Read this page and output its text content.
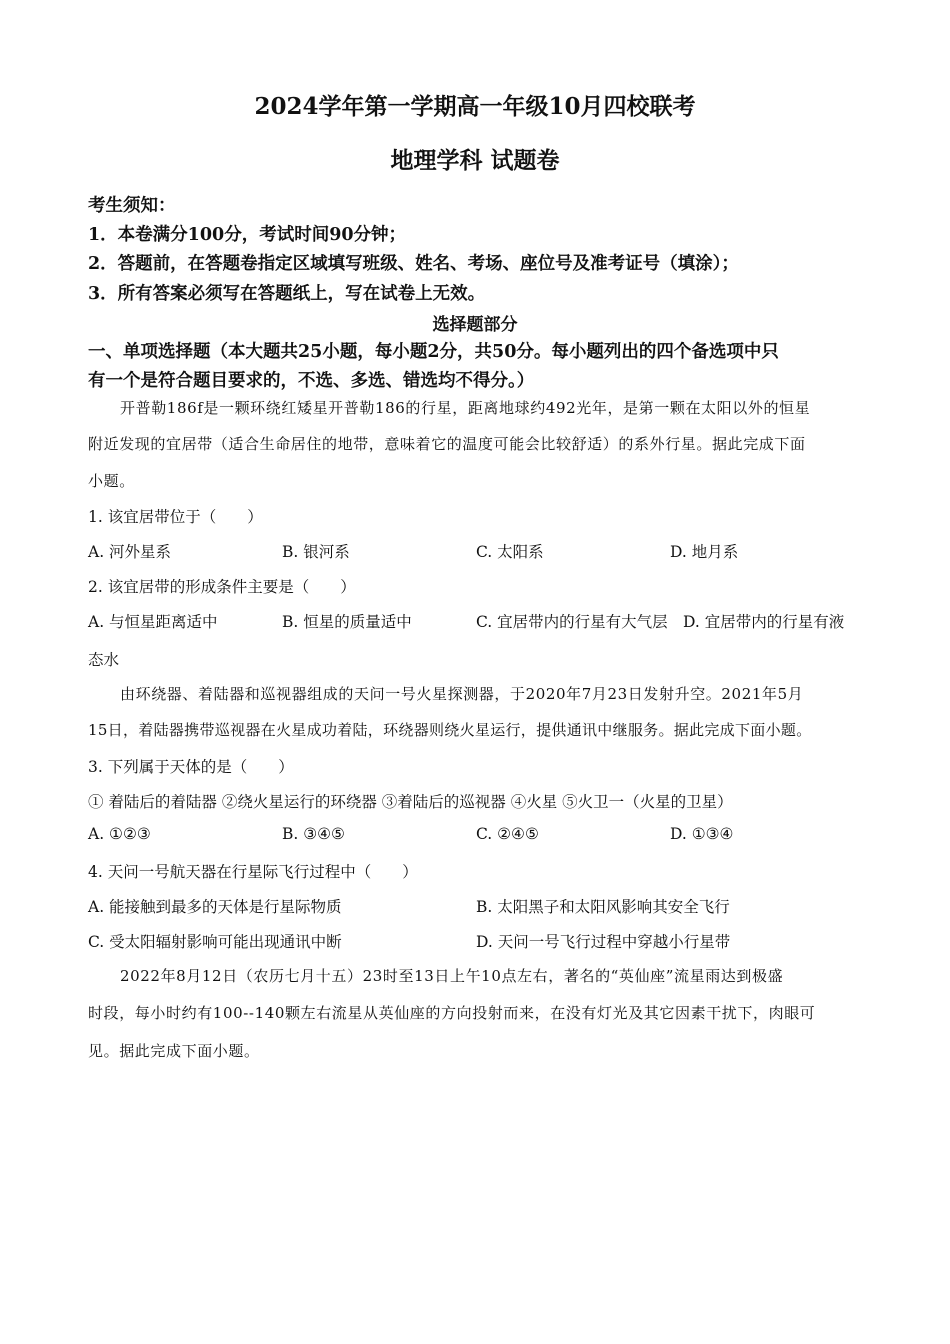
2024学年第一学期高一年级10月四校联考
地理学科 试题卷
考生须知：
1．本卷满分100分，考试时间90分钟；
2．答题前，在答题卷指定区域填写班级、姓名、考场、座位号及准考证号（填涂）；
3．所有答案必须写在答题纸上，写在试卷上无效。
选择题部分
一、单项选择题（本大题共25小题，每小题2分，共50分。每小题列出的四个备选项中只
有一个是符合题目要求的，不选、多选、错选均不得分。）
开普勒186f是一颗环绕红矮星开普勒186的行星，距离地球约492光年，是第一颗在太阳以外的恒星
附近发现的宜居带（适合生命居住的地带，意味着它的温度可能会比较舒适）的系外行星。据此完成下面
小题。
1. 该宜居带位于（　　）
A. 河外星系	B. 银河系	C. 太阳系	D. 地月系
2. 该宜居带的形成条件主要是（　　）
A. 与恒星距离适中	B. 恒星的质量适中	C. 宜居带内的行星有大气层 D. 宜居带内的行星有液
态水
由环绕器、着陆器和巡视器组成的天问一号火星探测器，于2020年7月23日发射升空。2021年5月
15日，着陆器携带巡视器在火星成功着陆，环绕器则绕火星运行，提供通讯中继服务。据此完成下面小题。
3. 下列属于天体的是（　　）
① 着陆后的着陆器 ②绕火星运行的环绕器 ③着陆后的巡视器 ④火星 ⑤火卫一（火星的卫星）
A. ①②③	B. ③④⑤	C. ②④⑤	D. ①③④
4. 天问一号航天器在行星际飞行过程中（　　）
A. 能接触到最多的天体是行星际物质	B. 太阳黑子和太阳风影响其安全飞行
C. 受太阳辐射影响可能出现通讯中断	D. 天问一号飞行过程中穿越小行星带
2022年8月12日（农历七月十五）23时至13日上午10点左右，著名的“英仙座”流星雨达到极盛
时段，每小时约有100--140颗左右流星从英仙座的方向投射而来，在没有灯光及其它因素干扰下，肉眼可
见。据此完成下面小题。
